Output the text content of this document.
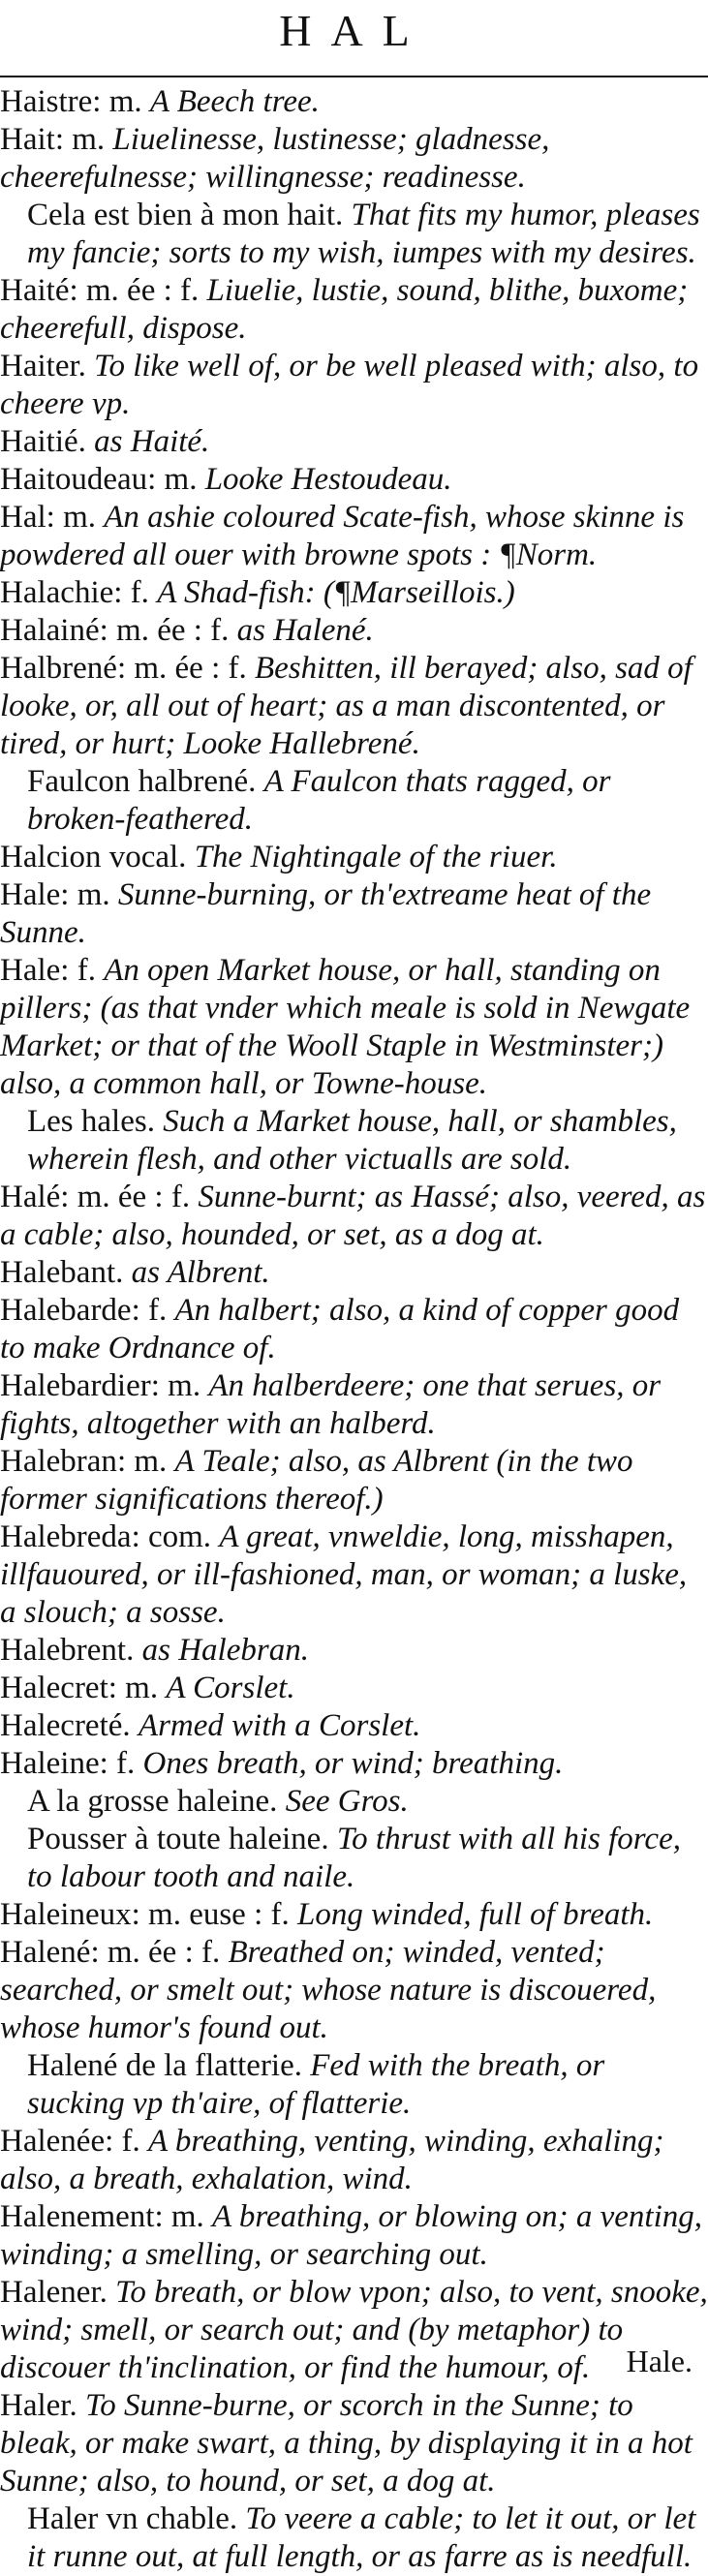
HAL

Haistre: m. A Beech tree.

Hait: m. Liuelinesse, lustinesse; gladnesse, cheerefulnesse; willingnesse; readinesse.

Cela est bien à mon hait. That fits my humor, pleases my fancie; sorts to my wish, iumpes with my desires.

Haité: m. ée : f. Liuelie, lustie, sound, blithe, buxome; cheerefull, dispose.

Haiter. To like well of, or be well pleased with; also, to cheere vp.

Haitié. as Haité.

Haitoudeau: m. Looke Hestoudeau.

Hal: m. An ashie coloured Scate-fish, whose skinne is powdered all ouer with browne spots : ¶Norm.

Halachie: f. A Shad-fish: (¶Marseillois.)

Halainé: m. ée : f. as Halené.

Halbrené: m. ée : f. Beshitten, ill berayed; also, sad of looke, or, all out of heart; as a man discontented, or tired, or hurt; Looke Hallebrené.

Faulcon halbrené. A Faulcon thats ragged, or broken-feathered.

Halcion vocal. The Nightingale of the riuer.

Hale: m. Sunne-burning, or th'extreame heat of the Sunne.

Hale: f. An open Market house, or hall, standing on pillers; (as that vnder which meale is sold in Newgate Market; or that of the Wooll Staple in Westminster;) also, a common hall, or Towne-house.

Les hales. Such a Market house, hall, or shambles, wherein flesh, and other victualls are sold.

Halé: m. ée : f. Sunne-burnt; as Hassé; also, veered, as a cable; also, hounded, or set, as a dog at.

Halebant. as Albrent.

Halebarde: f. An halbert; also, a kind of copper good to make Ordnance of.

Halebardier: m. An halberdeere; one that serues, or fights, altogether with an halberd.

Halebran: m. A Teale; also, as Albrent (in the two former significations thereof.)

Halebreda: com. A great, vnweldie, long, misshapen, illfauoured, or ill-fashioned, man, or woman; a luske, a slouch; a sosse.

Halebrent. as Halebran.

Halecret: m. A Corslet.

Halecreté. Armed with a Corslet.

Haleine: f. Ones breath, or wind; breathing.

A la grosse haleine. See Gros.

Pousser à toute haleine. To thrust with all his force, to labour tooth and naile.

Haleineux: m. euse : f. Long winded, full of breath.

Halené: m. ée : f. Breathed on; winded, vented; searched, or smelt out; whose nature is discouered, whose humor's found out.

Halené de la flatterie. Fed with the breath, or sucking vp th'aire, of flatterie.

Halenée: f. A breathing, venting, winding, exhaling; also, a breath, exhalation, wind.

Halenement: m. A breathing, or blowing on; a venting, winding; a smelling, or searching out.

Halener. To breath, or blow vpon; also, to vent, snooke, wind; smell, or search out; and (by metaphor) to discouer th'inclination, or find the humour, of.

Haler. To Sunne-burne, or scorch in the Sunne; to bleak, or make swart, a thing, by displaying it in a hot Sunne; also, to hound, or set, a dog at.

Haler vn chable. To veere a cable; to let it out, or let it runne out, at full length, or as farre as is needfull.

Hale.
